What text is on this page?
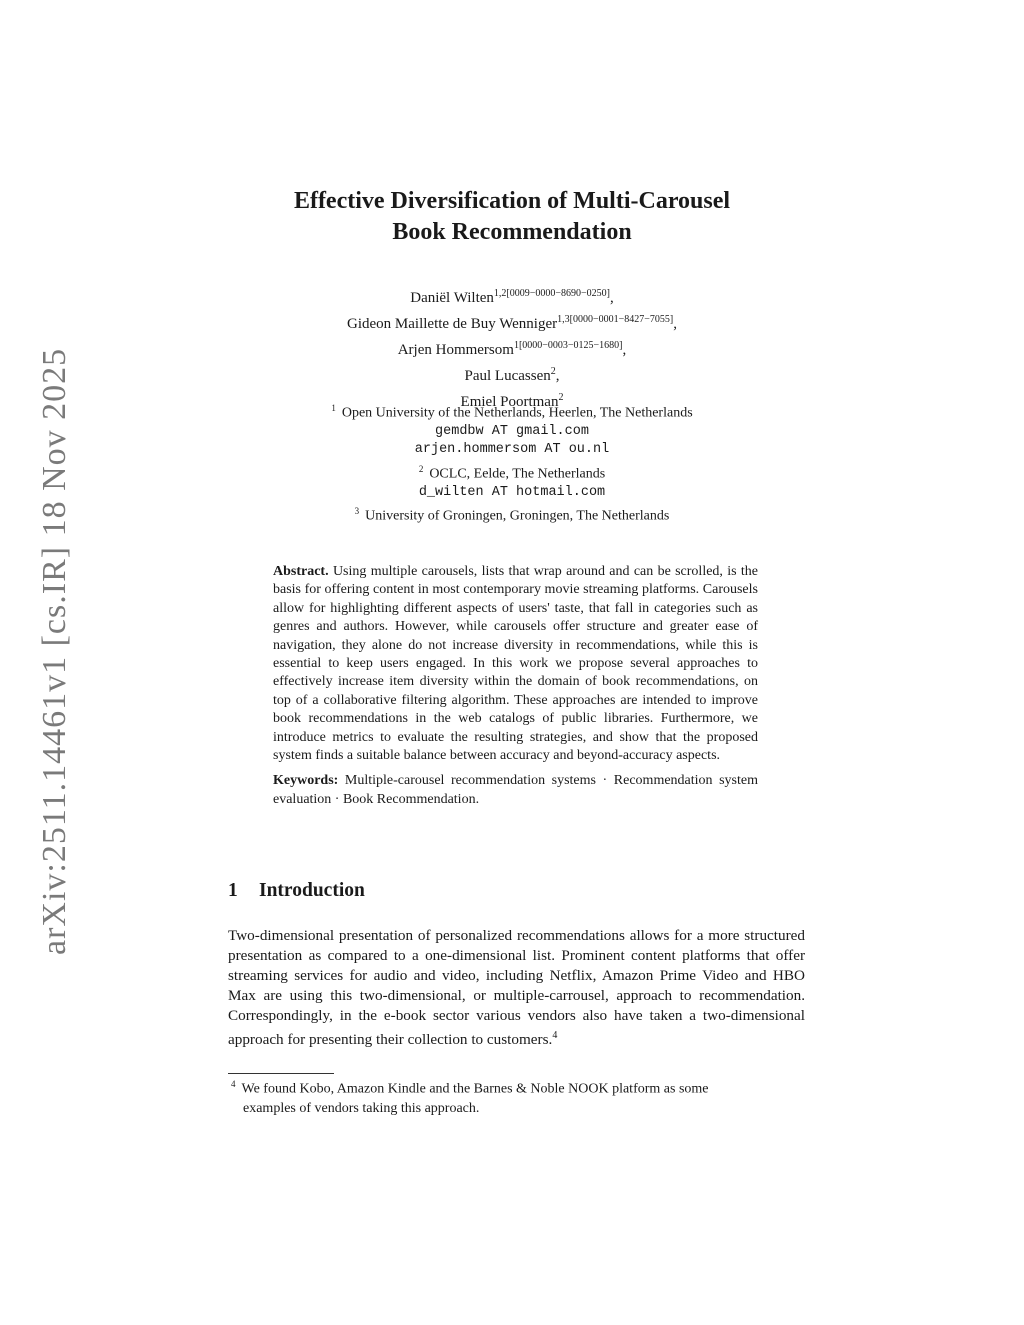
arXiv:2511.14461v1 [cs.IR] 18 Nov 2025
Effective Diversification of Multi-Carousel
Book Recommendation
Daniël Wilten$^{1,2[0009-0000-8690-0250]}$,
Gideon Maillette de Buy Wenniger$^{1,3[0000-0001-8427-7055]}$,
Arjen Hommersom$^{1[0000-0003-0125-1680]}$,
Paul Lucassen$^2$,
Emiel Poortman$^2$
$^1$ Open University of the Netherlands, Heerlen, The Netherlands
gemdbw AT gmail.com
arjen.hommersom AT ou.nl
$^2$ OCLC, Eelde, The Netherlands
d_wilten AT hotmail.com
$^3$ University of Groningen, Groningen, The Netherlands

Abstract. Using multiple carousels, lists that wrap around and can be scrolled, is the basis for offering content in most contemporary movie streaming platforms. Carousels allow for highlighting different aspects of users' taste, that fall in categories such as genres and authors. However, while carousels offer structure and greater ease of navigation, they alone do not increase diversity in recommendations, while this is essential to keep users engaged. In this work we propose several approaches to effectively increase item diversity within the domain of book recommendations, on top of a collaborative filtering algorithm. These approaches are intended to improve book recommendations in the web catalogs of public libraries. Furthermore, we introduce metrics to evaluate the resulting strategies, and show that the proposed system finds a suitable balance between accuracy and beyond-accuracy aspects.

Keywords: Multiple-carousel recommendation systems · Recommendation system evaluation · Book Recommendation.

1 Introduction

Two-dimensional presentation of personalized recommendations allows for a more structured presentation as compared to a one-dimensional list. Prominent content platforms that offer streaming services for audio and video, including Netflix, Amazon Prime Video and HBO Max are using this two-dimensional, or multiple-carrousel, approach to recommendation. Correspondingly, in the e-book sector various vendors also have taken a two-dimensional approach for presenting their collection to customers.$^4$

$^4$ We found Kobo, Amazon Kindle and the Barnes & Noble NOOK platform as some
examples of vendors taking this approach.
